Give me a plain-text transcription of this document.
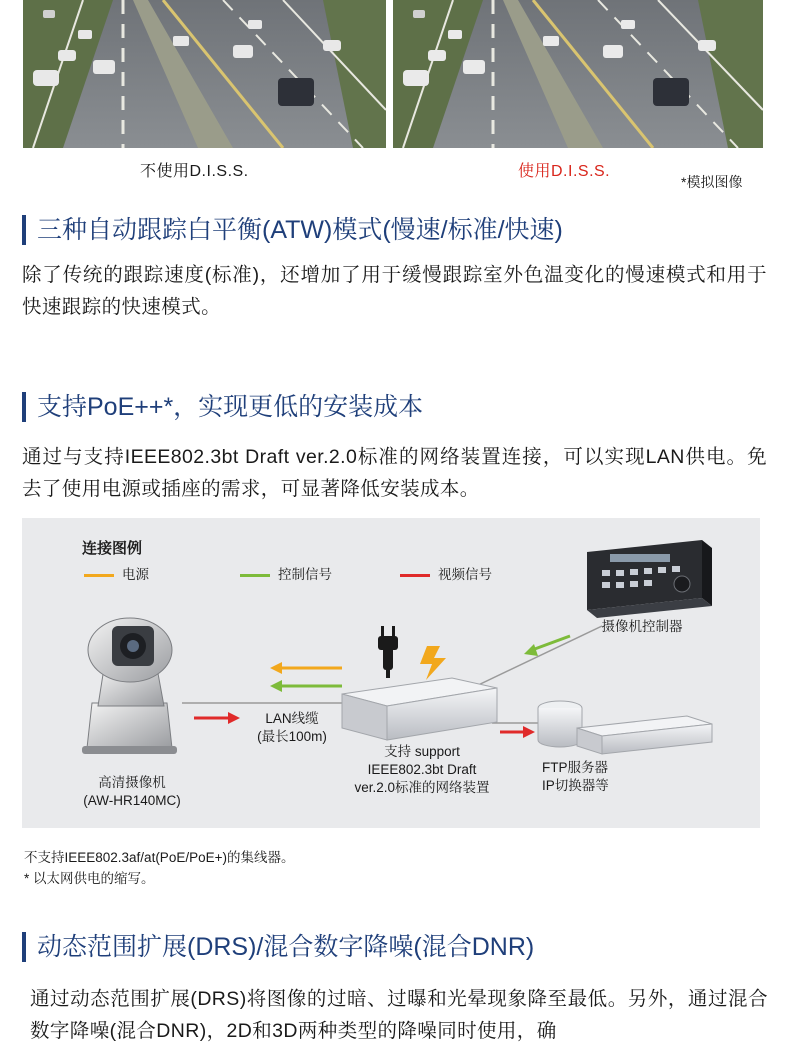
不使用D.I.S.S.	使用D.I.S.S.
*模拟图像
三种自动跟踪白平衡(ATW)模式(慢速/标准/快速)
除了传统的跟踪速度(标准)，还增加了用于缓慢跟踪室外色温变化的慢速模式和用于快速跟踪的快速模式。
支持PoE++*，实现更低的安装成本
通过与支持IEEE802.3bt Draft ver.2.0标准的网络装置连接，可以实现LAN供电。免去了使用电源或插座的需求，可显著降低安装成本。
连接图例
电源	控制信号	视频信号
摄像机控制器
LAN线缆
(最长100m)
支持 support
IEEE802.3bt Draft
ver.2.0标准的网络装置
高清摄像机
(AW-HR140MC)
FTP服务器
IP切换器等
不支持IEEE802.3af/at(PoE/PoE+)的集线器。
* 以太网供电的缩写。
动态范围扩展(DRS)/混合数字降噪(混合DNR)
通过动态范围扩展(DRS)将图像的过暗、过曝和光晕现象降至最低。另外，通过混合数字降噪(混合DNR)，2D和3D两种类型的降噪同时使用，确
